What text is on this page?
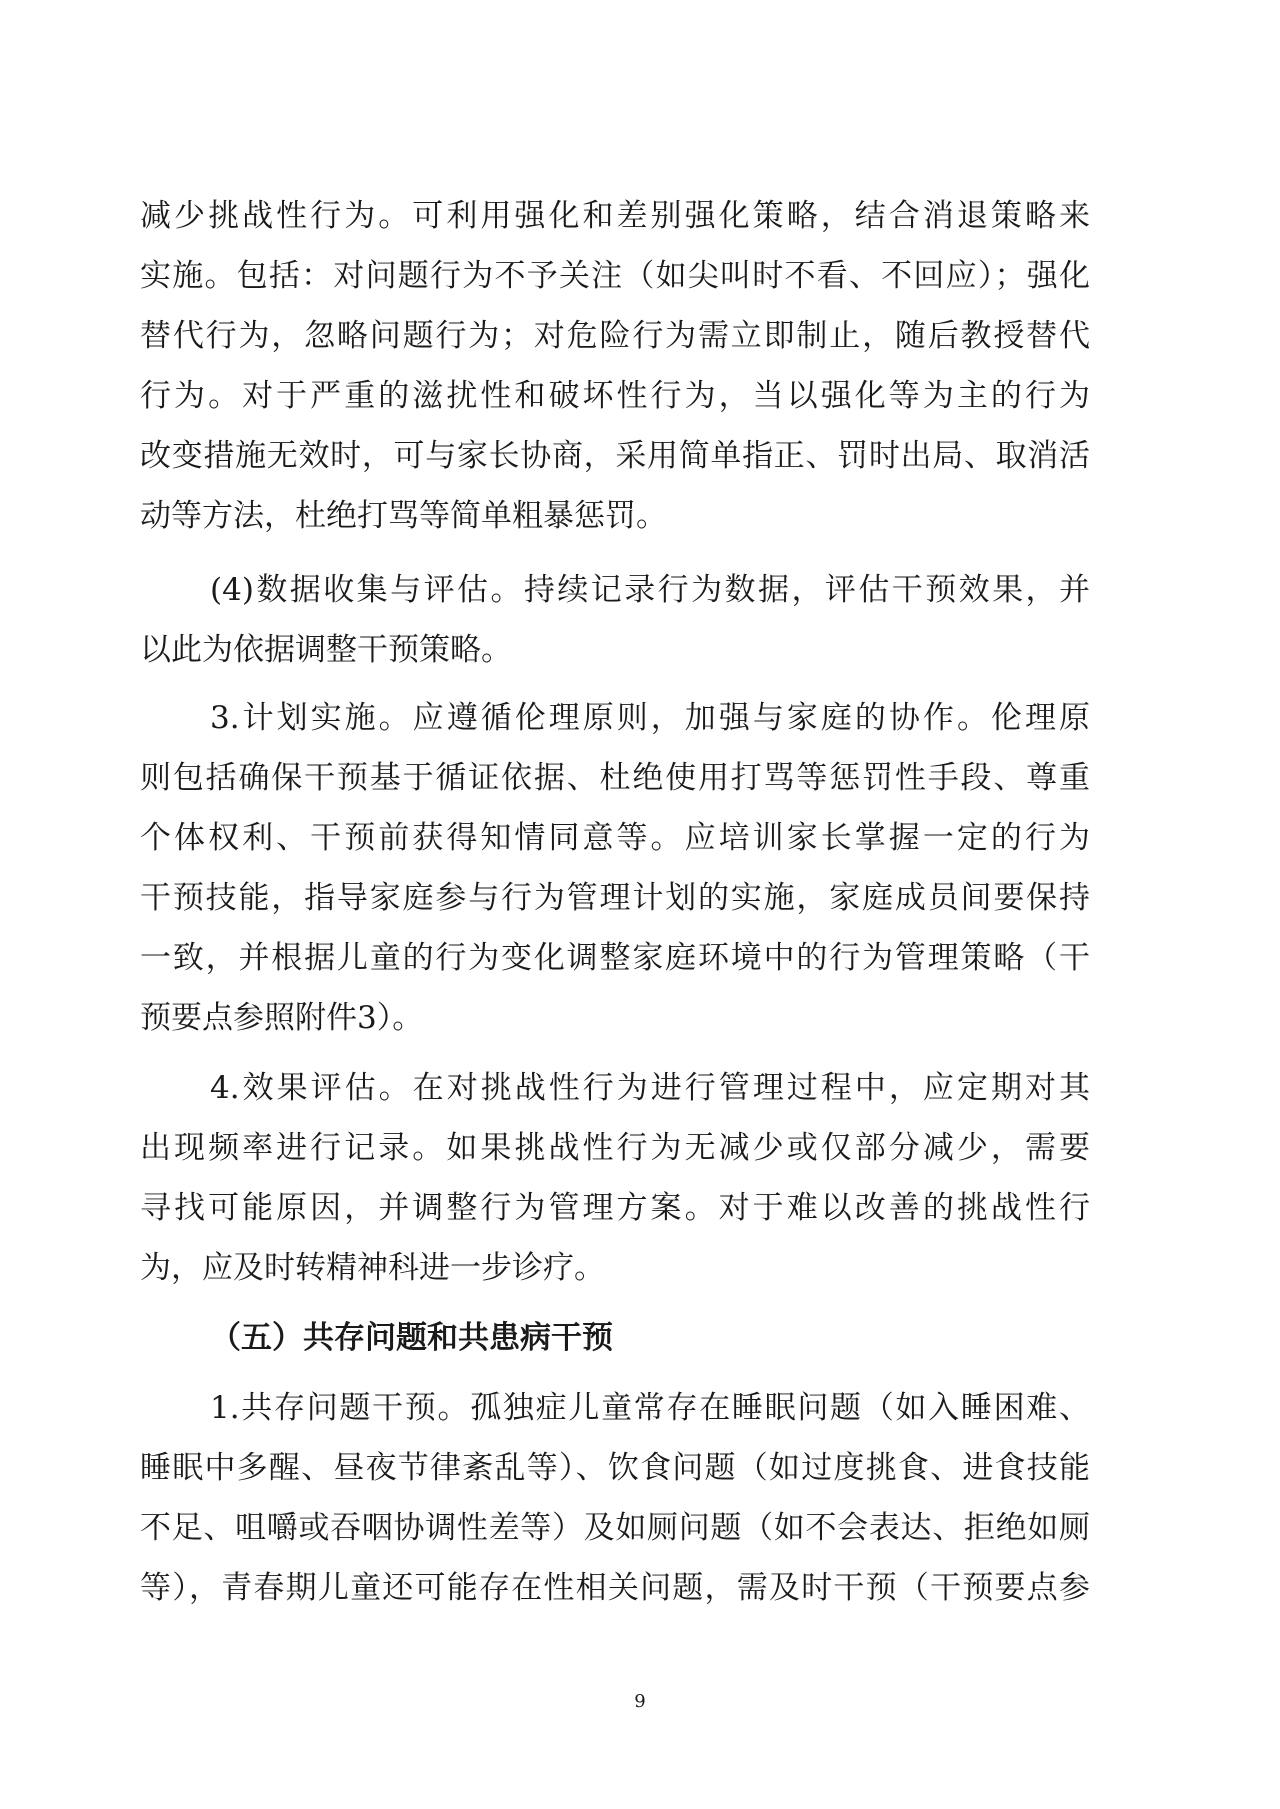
减少挑战性行为。可利用强化和差别强化策略，结合消退策略来
实施。包括：对问题行为不予关注（如尖叫时不看、不回应）；强化
替代行为，忽略问题行为；对危险行为需立即制止，随后教授替代
行为。对于严重的滋扰性和破坏性行为，当以强化等为主的行为
改变措施无效时，可与家长协商，采用简单指正、罚时出局、取消活
动等方法，杜绝打骂等简单粗暴惩罚。
(4)数据收集与评估。持续记录行为数据，评估干预效果，并
以此为依据调整干预策略。
3.计划实施。应遵循伦理原则，加强与家庭的协作。伦理原
则包括确保干预基于循证依据、杜绝使用打骂等惩罚性手段、尊重
个体权利、干预前获得知情同意等。应培训家长掌握一定的行为
干预技能，指导家庭参与行为管理计划的实施，家庭成员间要保持
一致，并根据儿童的行为变化调整家庭环境中的行为管理策略（干
预要点参照附件3）。
4.效果评估。在对挑战性行为进行管理过程中，应定期对其
出现频率进行记录。如果挑战性行为无减少或仅部分减少，需要
寻找可能原因，并调整行为管理方案。对于难以改善的挑战性行
为，应及时转精神科进一步诊疗。
（五）共存问题和共患病干预
1.共存问题干预。孤独症儿童常存在睡眠问题（如入睡困难、
睡眠中多醒、昼夜节律紊乱等）、饮食问题（如过度挑食、进食技能
不足、咀嚼或吞咽协调性差等）及如厕问题（如不会表达、拒绝如厕
等），青春期儿童还可能存在性相关问题，需及时干预（干预要点参
9
